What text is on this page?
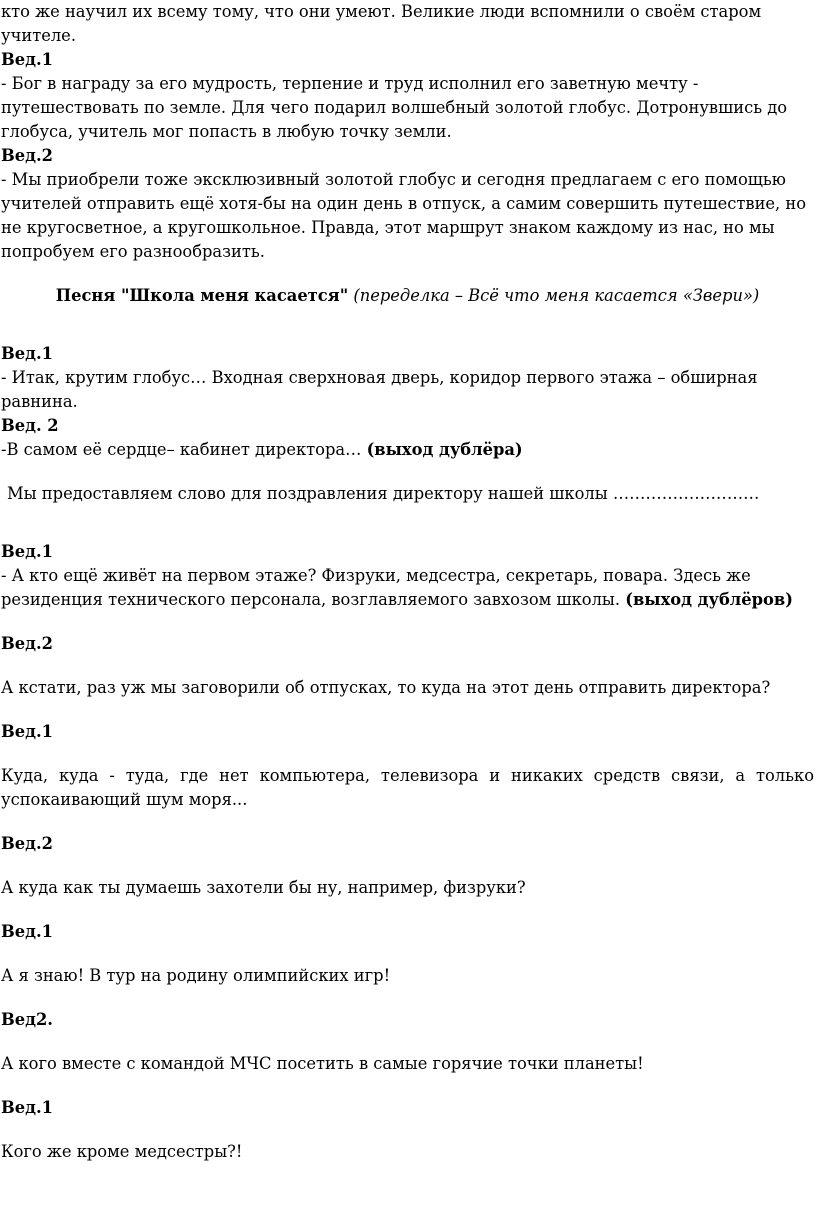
кто же научил их всему тому, что они умеют. Великие люди вспомнили о своём старом учителе.

Вед.1

- Бог в награду за его мудрость, терпение и труд исполнил его заветную мечту - путешествовать по земле. Для чего подарил волшебный золотой глобус. Дотронувшись до глобуса, учитель мог попасть в любую точку земли.

Вед.2

- Мы приобрели тоже эксклюзивный золотой глобус и сегодня предлагаем с его помощью учителей отправить ещё хотя-бы на один день в отпуск, а самим совершить путешествие, но не кругосветное, а кругошкольное. Правда, этот маршрут знаком каждому из нас, но мы попробуем его разнообразить.

Песня "Школа меня касается" (переделка – Всё что меня касается «Звери»)

Вед.1

- Итак, крутим глобус… Входная сверхновая дверь, коридор первого этажа – обширная равнина.

Вед. 2

-В самом её сердце– кабинет директора… (выход дублёра)

Мы предоставляем слово для поздравления директору нашей школы ………………………

Вед.1

- А кто ещё живёт на первом этаже? Физруки, медсестра, секретарь, повара. Здесь же резиденция технического персонала, возглавляемого завхозом школы. (выход дублёров)

Вед.2

А кстати, раз уж мы заговорили об отпусках, то куда на этот день отправить директора?

Вед.1

Куда, куда - туда, где нет компьютера, телевизора и никаких средств связи, а только успокаивающий шум моря...

Вед.2

А куда как ты думаешь захотели бы ну, например, физруки?

Вед.1

А я знаю! В тур на родину олимпийских игр!

Вед2.

А кого вместе с командой МЧС посетить в самые горячие точки планеты!

Вед.1

Кого же кроме медсестры?!
